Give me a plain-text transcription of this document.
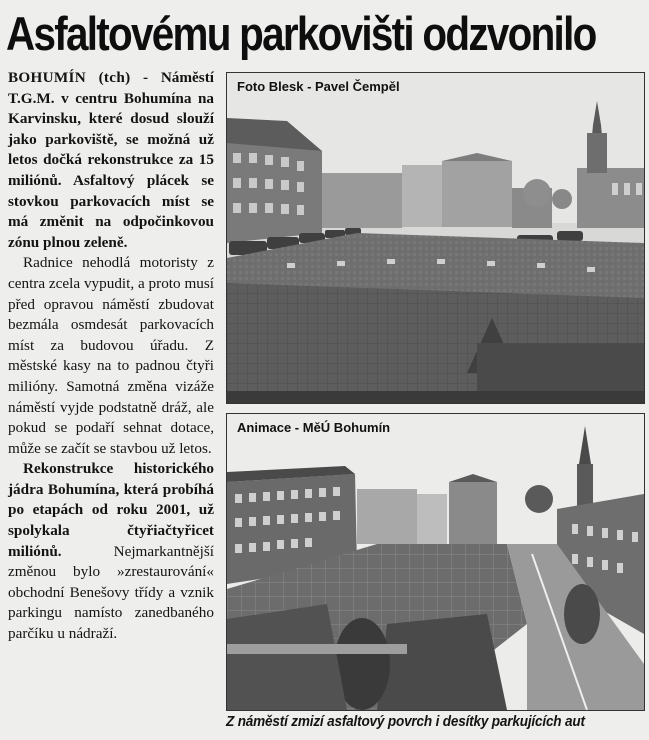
Asfaltovému parkovišti odzvonilo

BOHUMÍN (tch) - Náměstí T.G.M. v centru Bohumína na Karvinsku, které dosud slouží jako parkoviště, se možná už letos dočká rekonstrukce za 15 miliónů. Asfaltový plácek se stovkou parkovacích míst se má změnit na odpočinkovou zónu plnou zeleně.

Radnice nehodlá motoristy z centra zcela vypudit, a proto musí před opravou náměstí zbudovat bezmála osmdesát parkovacích míst za budovou úřadu. Z městské kasy na to padnou čtyři milióny. Samotná změna vizáže náměstí vyjde podstatně dráž, ale pokud se podaří sehnat dotace, může se začít se stavbou už letos.

Rekonstrukce historického jádra Bohumína, která probíhá po etapách od roku 2001, už spolykala čtyřiačtyřicet miliónů. Nejmarkantnější změnou bylo »zrestaurování« obchodní Benešovy třídy a vznik parkingu namísto zanedbaného parčíku u nádraží.

Foto Blesk - Pavel Čempěl
Animace - MěÚ Bohumín
Z náměstí zmizí asfaltový povrch i desítky parkujících aut
